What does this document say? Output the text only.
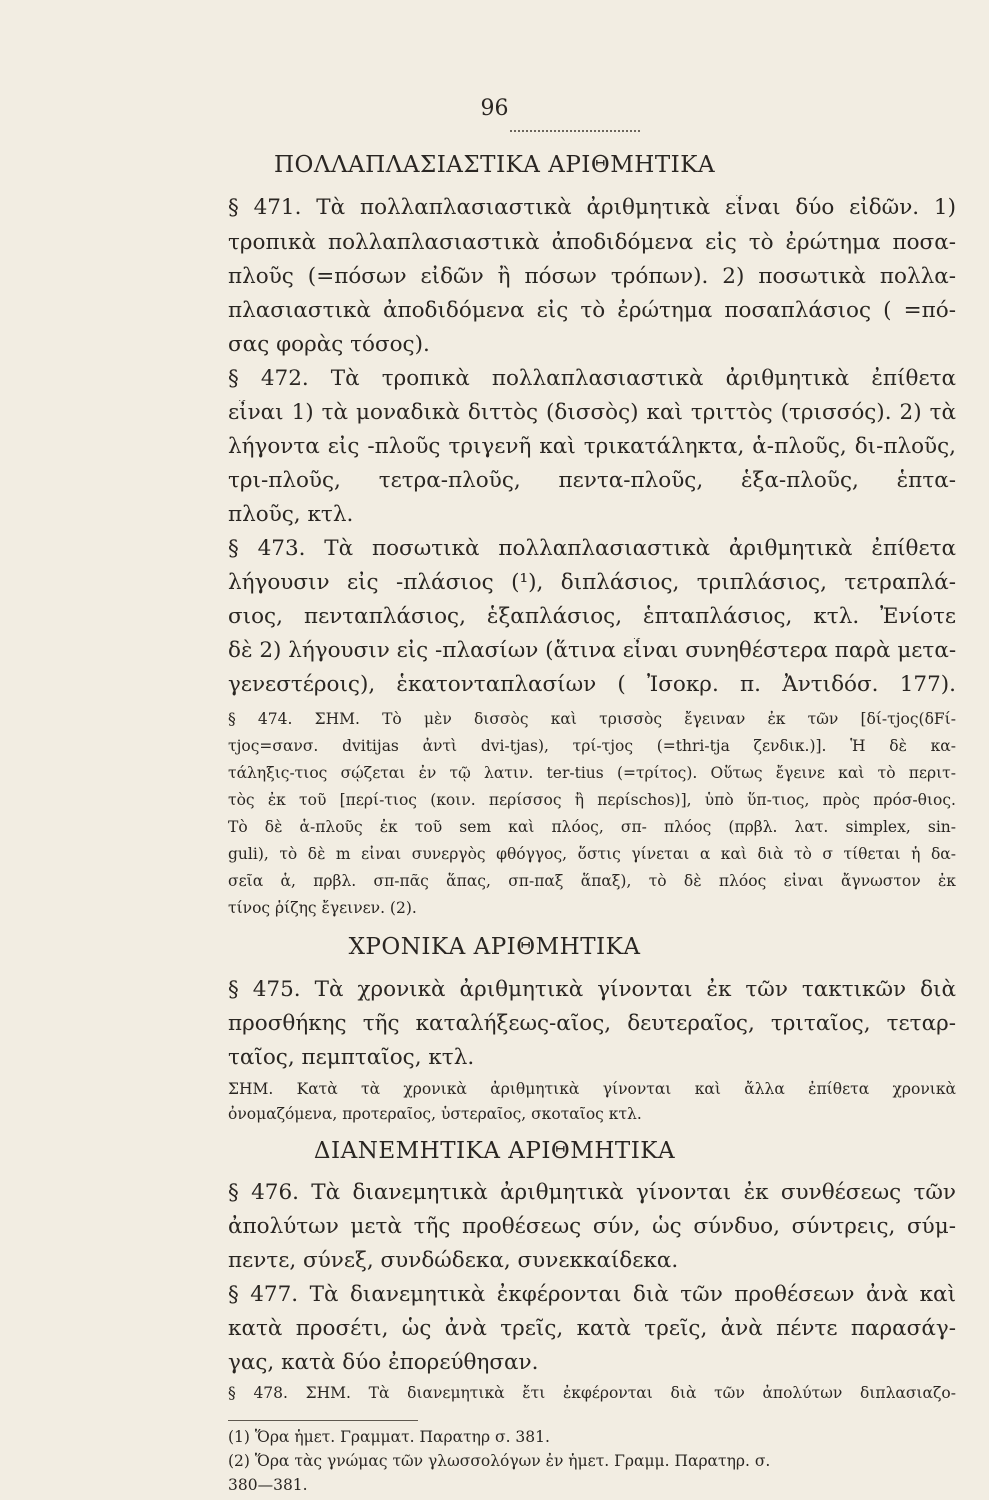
96
ΠΟΛΛΑΠΛΑΣΙΑΣΤΙΚΑ ΑΡΙΘΜΗΤΙΚΑ
§ 471. Τὰ πολλαπλασιαστικὰ ἀριθμητικὰ εἶναι δύο εἰδῶν. 1)
τροπικὰ πολλαπλασιαστικὰ ἀποδιδόμενα εἰς τὸ ἐρώτημα ποσα-
πλοῦς (=πόσων εἰδῶν ἢ πόσων τρόπων). 2) ποσωτικὰ πολλα-
πλασιαστικὰ ἀποδιδόμενα εἰς τὸ ἐρώτημα ποσαπλάσιος ( =πό-
σας φορὰς τόσος).
§ 472. Τὰ τροπικὰ πολλαπλασιαστικὰ ἀριθμητικὰ ἐπίθετα
εἶναι 1) τὰ μοναδικὰ διττὸς (δισσὸς) καὶ τριττὸς (τρισσός). 2) τὰ
λήγοντα εἰς -πλοῦς τριγενῆ καὶ τρικατάληκτα, ἁ-πλοῦς, δι-πλοῦς,
τρι-πλοῦς, τετρα-πλοῦς, πεντα-πλοῦς, ἑξα-πλοῦς, ἑπτα-
πλοῦς, κτλ.
§ 473. Τὰ ποσωτικὰ πολλαπλασιαστικὰ ἀριθμητικὰ ἐπίθετα
λήγουσιν εἰς -πλάσιος (¹), διπλάσιος, τριπλάσιος, τετραπλά-
σιος, πενταπλάσιος, ἑξαπλάσιος, ἑπταπλάσιος, κτλ. Ἐνίοτε
δὲ 2) λήγουσιν εἰς -πλασίων (ἅτινα εἶναι συνηθέστερα παρὰ μετα-
γενεστέροις), ἑκατονταπλασίων ( Ἰσοκρ. π. Ἀντιδόσ. 177).
§ 474. ΣΗΜ. Τὸ μὲν δισσὸς καὶ τρισσὸς ἔγειναν ἐκ τῶν [δί-τjος(δFί-
τjος=σανσ. dvitijas ἀντὶ dvi-tjas), τρί-τjος (=thri-tja ζενδικ.)]. Ἡ δὲ κα-
τάληξις-τιος σῴζεται ἐν τῷ λατιν. ter-tius (=τρίτος). Οὕτως ἔγεινε καὶ τὸ περιτ-
τὸς ἐκ τοῦ [περί-τιος (κοιν. περίσσος ἢ περίschos)], ὑπὸ ὕπ-τιος, πρὸς πρόσ-θιος.
Τὸ δὲ ἁ-πλοῦς ἐκ τοῦ sem καὶ πλόος, σπ- πλόος (πρβλ. λατ. simplex, sin-
guli), τὸ δὲ m εἶναι συνεργὸς φθόγγος, ὅστις γίνεται α καὶ διὰ τὸ σ τίθεται ἡ δα-
σεῖα ἁ, πρβλ. σπ-πᾶς ἅπας, σπ-παξ ἅπαξ), τὸ δὲ πλόος εἶναι ἄγνωστον ἐκ
τίνος ῥίζης ἔγεινεν. (2).
ΧΡΟΝΙΚΑ ΑΡΙΘΜΗΤΙΚΑ
§ 475. Τὰ χρονικὰ ἀριθμητικὰ γίνονται ἐκ τῶν τακτικῶν διὰ
προσθήκης τῆς καταλήξεως-αῖος, δευτεραῖος, τριταῖος, τεταρ-
ταῖος, πεμπταῖος, κτλ.
ΣΗΜ. Κατὰ τὰ χρονικὰ ἀριθμητικὰ γίνονται καὶ ἄλλα ἐπίθετα χρονικὰ
ὀνομαζόμενα, προτεραῖος, ὑστεραῖος, σκοταῖος κτλ.
ΔΙΑΝΕΜΗΤΙΚΑ ΑΡΙΘΜΗΤΙΚΑ
§ 476. Τὰ διανεμητικὰ ἀριθμητικὰ γίνονται ἐκ συνθέσεως τῶν
ἀπολύτων μετὰ τῆς προθέσεως σύν, ὡς σύνδυο, σύντρεις, σύμ-
πεντε, σύνεξ, συνδώδεκα, συνεκκαίδεκα.
§ 477. Τὰ διανεμητικὰ ἐκφέρονται διὰ τῶν προθέσεων ἀνὰ καὶ
κατὰ προσέτι, ὡς ἀνὰ τρεῖς, κατὰ τρεῖς, ἀνὰ πέντε παρασάγ-
γας, κατὰ δύο ἐπορεύθησαν.
§ 478. ΣΗΜ. Τὰ διανεμητικὰ ἔτι ἐκφέρονται διὰ τῶν ἀπολύτων διπλασιαζο-
(1) Ὅρα ἡμετ. Γραμματ. Παρατηρ σ. 381.
(2) Ὅρα τὰς γνώμας τῶν γλωσσολόγων ἐν ἡμετ. Γραμμ. Παρατηρ. σ.
380—381.
